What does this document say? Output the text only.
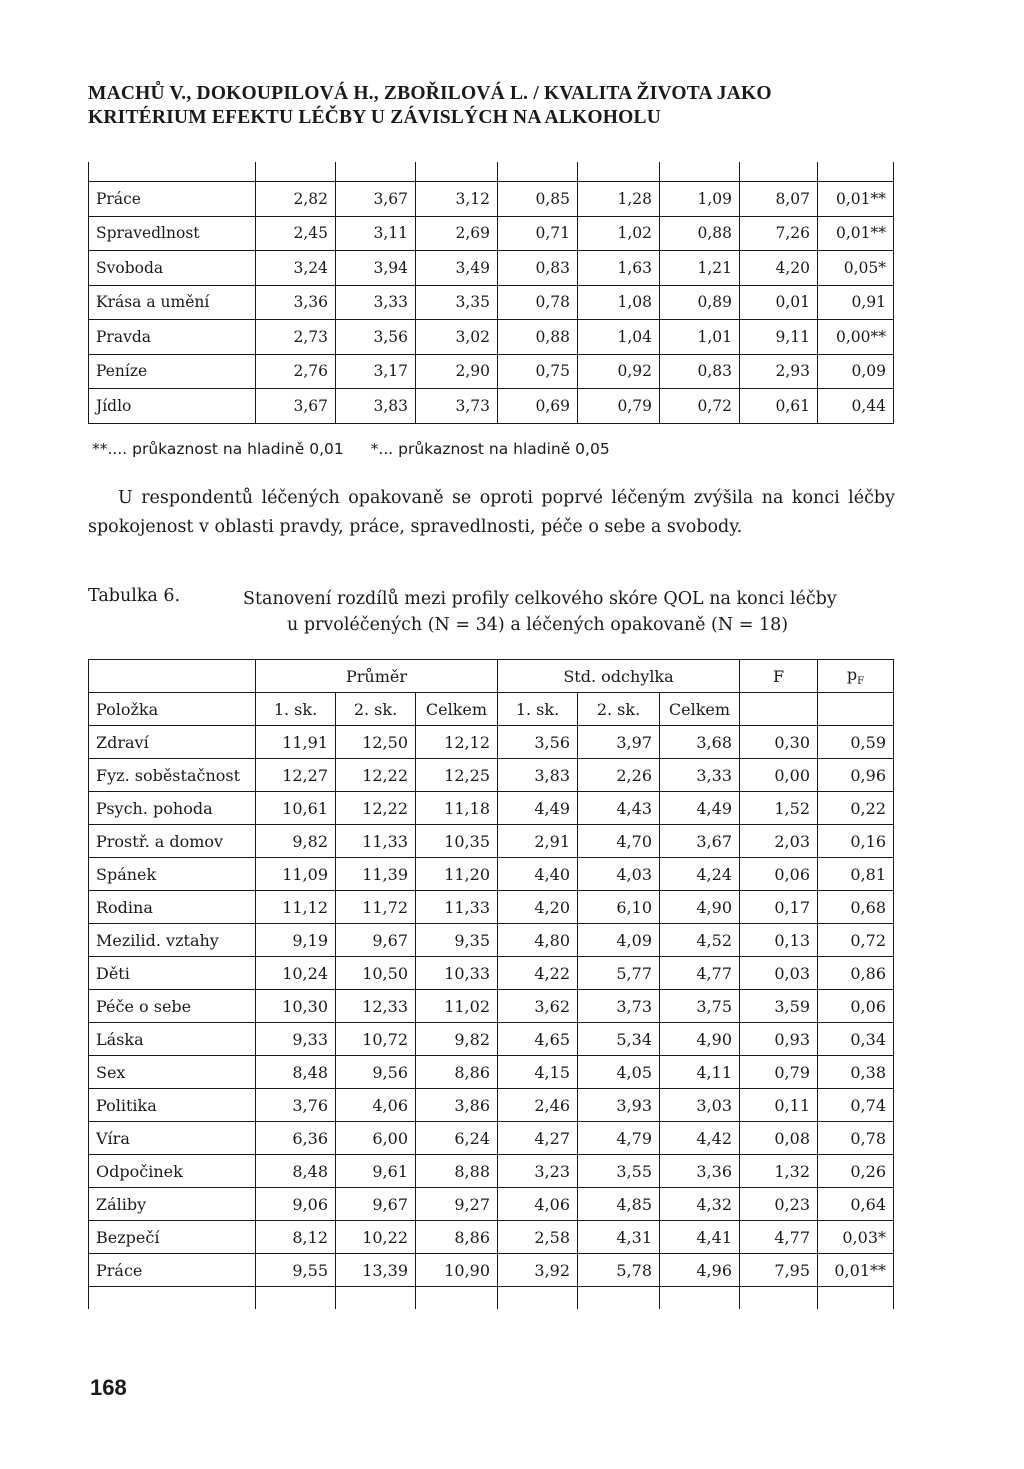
MACHŮ V., DOKOUPILOVÁ H., ZBOŘILOVÁ L. / KVALITA ŽIVOTA JAKO
KRITÉRIUM EFEKTU LÉČBY U ZÁVISLÝCH NA ALKOHOLU

Práce	2,82	3,67	3,12	0,85	1,28	1,09	8,07	0,01**
Spravedlnost	2,45	3,11	2,69	0,71	1,02	0,88	7,26	0,01**
Svoboda	3,24	3,94	3,49	0,83	1,63	1,21	4,20	0,05*
Krása a umění	3,36	3,33	3,35	0,78	1,08	0,89	0,01	0,91
Pravda	2,73	3,56	3,02	0,88	1,04	1,01	9,11	0,00**
Peníze	2,76	3,17	2,90	0,75	0,92	0,83	2,93	0,09
Jídlo	3,67	3,83	3,73	0,69	0,79	0,72	0,61	0,44
**.... průkaznost na hladině 0,01 *... průkaznost na hladině 0,05
U respondentů léčených opakovaně se oproti poprvé léčeným zvýšila na konci léčby spokojenost v oblasti pravdy, práce, spravedlnosti, péče o sebe a svobody.
Tabulka 6.	Stanovení rozdílů mezi profily celkového skóre QOL na konci léčby
u prvoléčených (N = 34) a léčených opakovaně (N = 18)
	Průměr			Std. odchylka			F	$p_F$
Položka	1. sk.	2. sk.	Celkem	1. sk.	2. sk.	Celkem		
Zdraví	11,91	12,50	12,12	3,56	3,97	3,68	0,30	0,59
Fyz. soběstačnost	12,27	12,22	12,25	3,83	2,26	3,33	0,00	0,96
Psych. pohoda	10,61	12,22	11,18	4,49	4,43	4,49	1,52	0,22
Prostř. a domov	9,82	11,33	10,35	2,91	4,70	3,67	2,03	0,16
Spánek	11,09	11,39	11,20	4,40	4,03	4,24	0,06	0,81
Rodina	11,12	11,72	11,33	4,20	6,10	4,90	0,17	0,68
Mezilid. vztahy	9,19	9,67	9,35	4,80	4,09	4,52	0,13	0,72
Děti	10,24	10,50	10,33	4,22	5,77	4,77	0,03	0,86
Péče o sebe	10,30	12,33	11,02	3,62	3,73	3,75	3,59	0,06
Láska	9,33	10,72	9,82	4,65	5,34	4,90	0,93	0,34
Sex	8,48	9,56	8,86	4,15	4,05	4,11	0,79	0,38
Politika	3,76	4,06	3,86	2,46	3,93	3,03	0,11	0,74
Víra	6,36	6,00	6,24	4,27	4,79	4,42	0,08	0,78
Odpočinek	8,48	9,61	8,88	3,23	3,55	3,36	1,32	0,26
Záliby	9,06	9,67	9,27	4,06	4,85	4,32	0,23	0,64
Bezpečí	8,12	10,22	8,86	2,58	4,31	4,41	4,77	0,03*
Práce	9,55	13,39	10,90	3,92	5,78	4,96	7,95	0,01**

168
